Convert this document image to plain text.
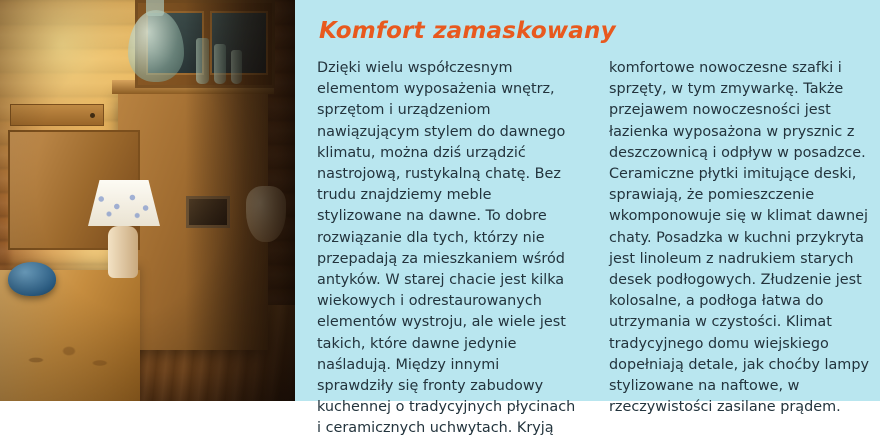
Komfort zamaskowany

Dzięki wielu współczesnym elementom wyposażenia wnętrz, sprzętom i urządzeniom nawiązującym stylem do dawnego klimatu, można dziś urządzić nastrojową, rustykalną chatę. Bez trudu znajdziemy meble stylizowane na dawne. To dobre rozwiązanie dla tych, którzy nie przepadają za mieszkaniem wśród antyków. W starej chacie jest kilka wiekowych i odrestaurowanych elementów wystroju, ale wiele jest takich, które dawne jedynie naśladują. Między innymi sprawdziły się fronty zabudowy kuchennej o tradycyjnych płycinach i ceramicznych uchwytach. Kryją

komfortowe nowoczesne szafki i sprzęty, w tym zmywarkę. Także przejawem nowoczesności jest łazienka wyposażona w prysznic z deszczownicą i odpływ w posadzce. Ceramiczne płytki imitujące deski, sprawiają, że pomieszczenie wkomponowuje się w klimat dawnej chaty. Posadzka w kuchni przykryta jest linoleum z nadrukiem starych desek podłogowych. Złudzenie jest kolosalne, a podłoga łatwa do utrzymania w czystości. Klimat tradycyjnego domu wiejskiego dopełniają detale, jak choćby lampy stylizowane na naftowe, w rzeczywistości zasilane prądem.
